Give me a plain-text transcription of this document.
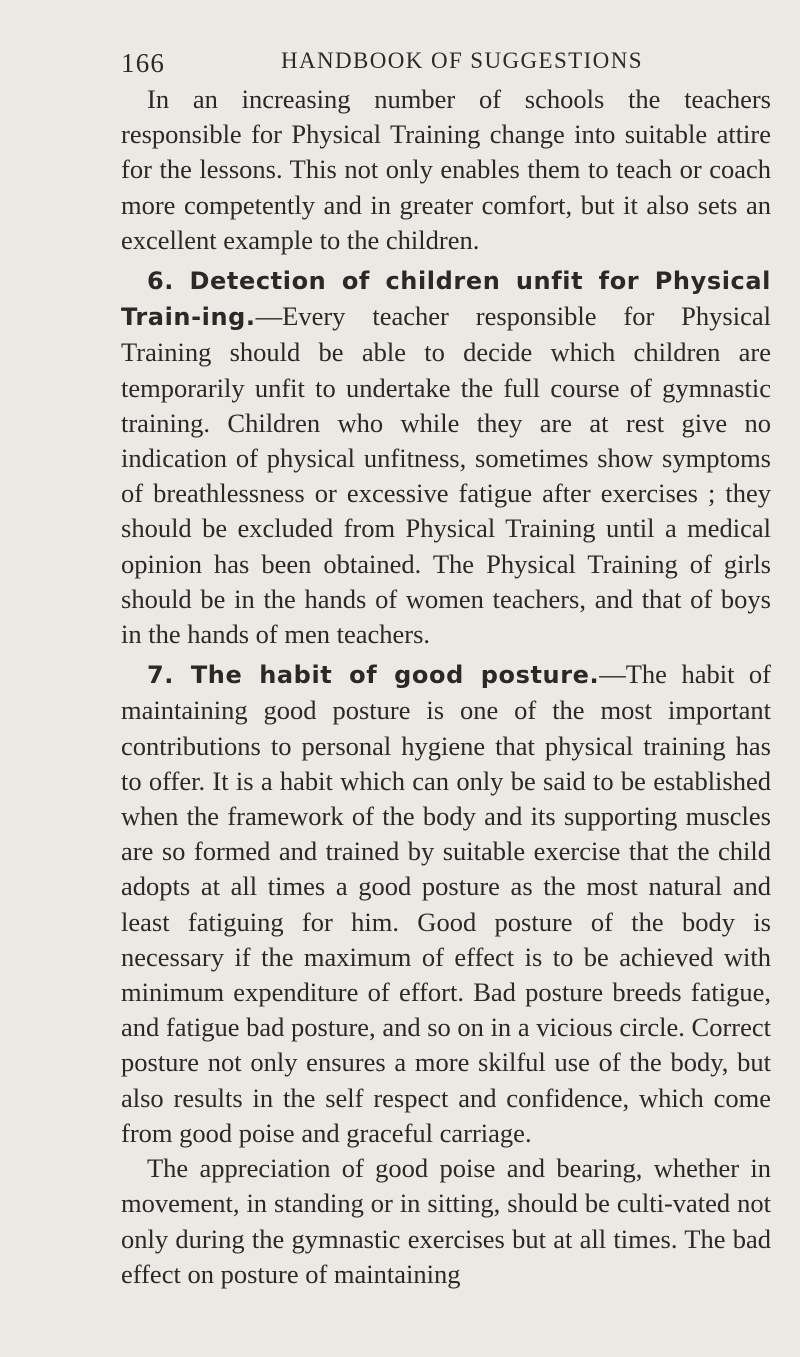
166	HANDBOOK OF SUGGESTIONS

In an increasing number of schools the teachers responsible for Physical Training change into suitable attire for the lessons. This not only enables them to teach or coach more competently and in greater comfort, but it also sets an excellent example to the children.

6. Detection of children unfit for Physical Train-ing.—Every teacher responsible for Physical Training should be able to decide which children are temporarily unfit to undertake the full course of gymnastic training. Children who while they are at rest give no indication of physical unfitness, sometimes show symptoms of breathlessness or excessive fatigue after exercises ; they should be excluded from Physical Training until a medical opinion has been obtained. The Physical Training of girls should be in the hands of women teachers, and that of boys in the hands of men teachers.

7. The habit of good posture.—The habit of maintaining good posture is one of the most important contributions to personal hygiene that physical training has to offer. It is a habit which can only be said to be established when the framework of the body and its supporting muscles are so formed and trained by suitable exercise that the child adopts at all times a good posture as the most natural and least fatiguing for him. Good posture of the body is necessary if the maximum of effect is to be achieved with minimum expenditure of effort. Bad posture breeds fatigue, and fatigue bad posture, and so on in a vicious circle. Correct posture not only ensures a more skilful use of the body, but also results in the self respect and confidence, which come from good poise and graceful carriage.

The appreciation of good poise and bearing, whether in movement, in standing or in sitting, should be culti-vated not only during the gymnastic exercises but at all times. The bad effect on posture of maintaining
